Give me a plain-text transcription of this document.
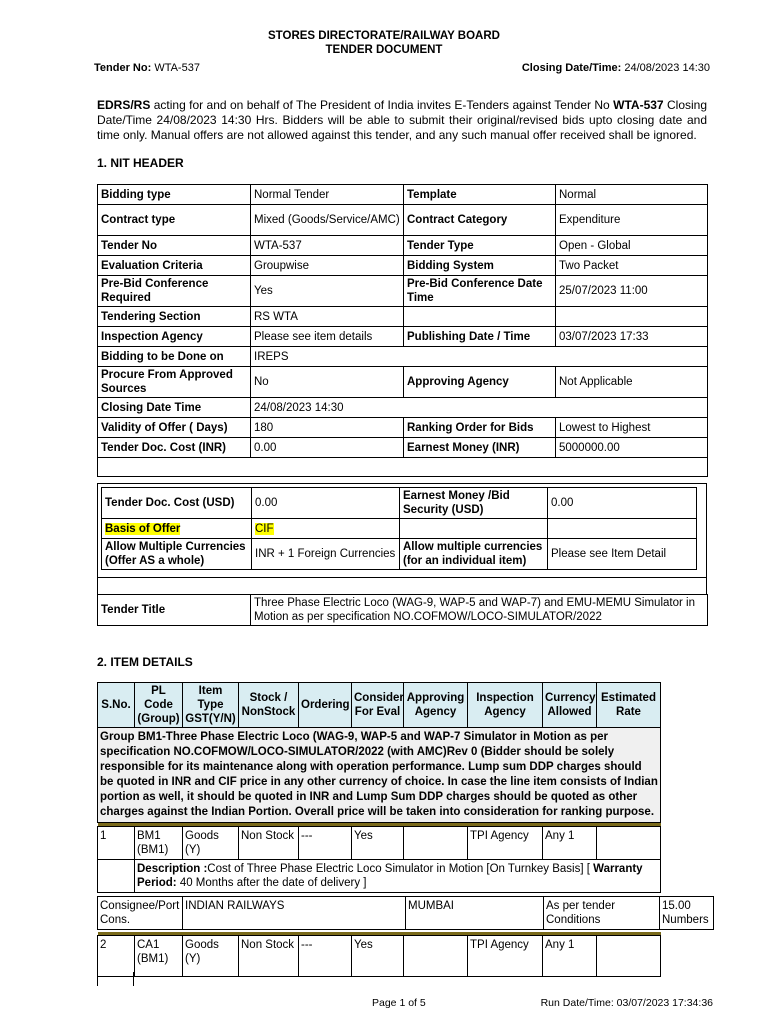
STORES DIRECTORATE/RAILWAY BOARD
TENDER DOCUMENT
Tender No: WTA-537	Closing Date/Time: 24/08/2023 14:30
EDRS/RS acting for and on behalf of The President of India invites E-Tenders against Tender No WTA-537 Closing Date/Time 24/08/2023 14:30 Hrs. Bidders will be able to submit their original/revised bids upto closing date and time only. Manual offers are not allowed against this tender, and any such manual offer received shall be ignored.
1. NIT HEADER
Bidding type	Normal Tender	Template	Normal
Contract type	Mixed (Goods/Service/AMC)	Contract Category	Expenditure
Tender No	WTA-537	Tender Type	Open - Global
Evaluation Criteria	Groupwise	Bidding System	Two Packet
Pre-Bid Conference Required	Yes	Pre-Bid Conference Date Time	25/07/2023 11:00
Tendering Section	RS WTA		
Inspection Agency	Please see item details	Publishing Date / Time	03/07/2023 17:33
Bidding to be Done on	IREPS		
Procure From Approved Sources	No	Approving Agency	Not Applicable
Closing Date Time	24/08/2023 14:30		
Validity of Offer ( Days)	180	Ranking Order for Bids	Lowest to Highest
Tender Doc. Cost (INR)	0.00	Earnest Money (INR)	5000000.00

Tender Doc. Cost (USD)	0.00	Earnest Money /Bid Security (USD)	0.00
Basis of Offer	CIF		
Allow Multiple Currencies (Offer AS a whole)	INR + 1 Foreign Currencies	Allow multiple currencies (for an individual item)	Please see Item Detail
Tender Title	Three Phase Electric Loco (WAG-9, WAP-5 and WAP-7) and EMU-MEMU Simulator in Motion as per specification NO.COFMOW/LOCO-SIMULATOR/2022
2. ITEM DETAILS
S.No.	PL Code (Group)	Item Type GST(Y/N)	Stock / NonStock	Ordering	Consider For Eval	Approving Agency	Inspection Agency	Currency Allowed	Estimated Rate
Group BM1-Three Phase Electric Loco (WAG-9, WAP-5 and WAP-7 Simulator in Motion as per specification NO.COFMOW/LOCO-SIMULATOR/2022 (with AMC)Rev 0 (Bidder should be solely responsible for its maintenance along with operation performance. Lump sum DDP charges should be quoted in INR and CIF price in any other currency of choice. In case the line item consists of Indian portion as well, it should be quoted in INR and Lump Sum DDP charges should be quoted as other charges against the Indian Portion. Overall price will be taken into consideration for ranking purpose.									

1	BM1 (BM1)	Goods (Y)	Non Stock	---	Yes		TPI Agency	Any 1	
	Description :Cost of Three Phase Electric Loco Simulator in Motion [On Turnkey Basis] [ Warranty Period: 40 Months after the date of delivery ]								
Consignee/Port Cons.	INDIAN RAILWAYS	MUMBAI	As per tender Conditions	15.00 Numbers

2	CA1 (BM1)	Goods (Y)	Non Stock	---	Yes		TPI Agency	Any 1	
Page 1 of 5	Run Date/Time: 03/07/2023 17:34:36
